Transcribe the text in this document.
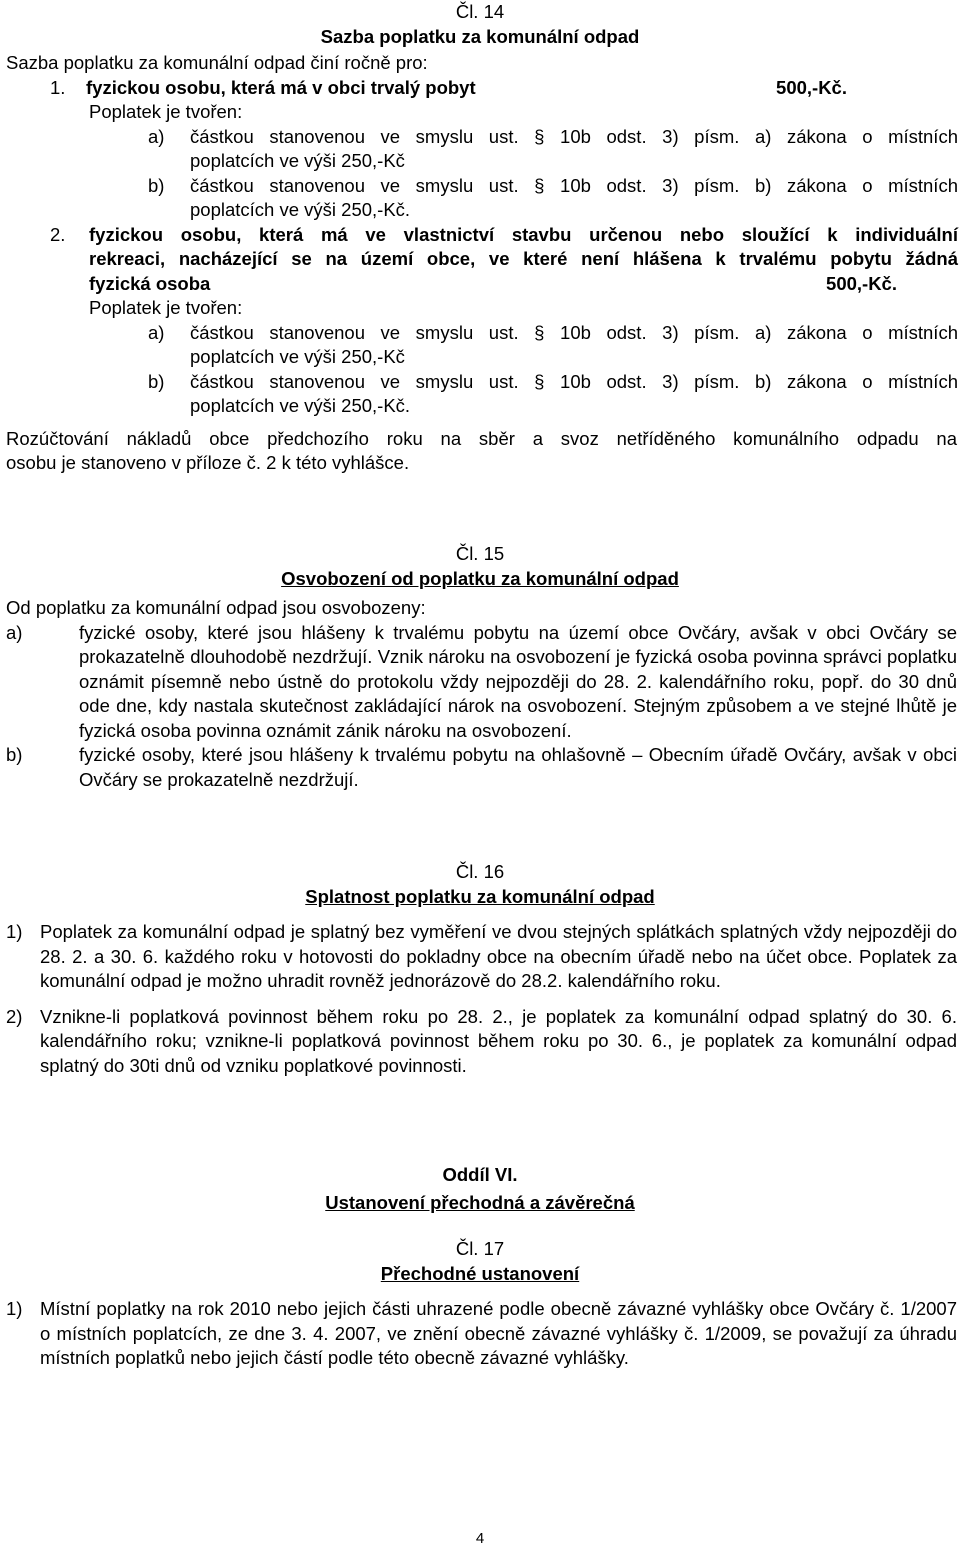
Čl. 14

Sazba poplatku za komunální odpad

Sazba poplatku za komunální odpad činí ročně pro:

1. fyzickou osobu, která má v obci trvalý pobyt	500,-Kč.

Poplatek je tvořen:

a)	částkou stanovenou ve smyslu ust. § 10b odst. 3) písm. a) zákona o místních

poplatcích ve výši 250,-Kč

b)	částkou stanovenou ve smyslu ust. § 10b odst. 3) písm. b) zákona o místních

poplatcích ve výši 250,-Kč.

2.	fyzickou osobu, která má ve vlastnictví stavbu určenou nebo sloužící k individuální

rekreaci, nacházející se na území obce, ve které není hlášena k trvalému pobytu žádná

fyzická osoba	500,-Kč.

Poplatek je tvořen:

a)	částkou stanovenou ve smyslu ust. § 10b odst. 3) písm. a) zákona o místních

poplatcích ve výši 250,-Kč

b)	částkou stanovenou ve smyslu ust. § 10b odst. 3) písm. b) zákona o místních

poplatcích ve výši 250,-Kč.

Rozúčtování nákladů obce předchozího roku na sběr a svoz netříděného komunálního odpadu na

osobu je stanoveno v příloze č. 2 k této vyhlášce.

Čl. 15

Osvobození od poplatku za komunální odpad

Od poplatku za komunální odpad jsou osvobozeny:

a)	fyzické osoby, které jsou hlášeny k trvalému pobytu na území obce Ovčáry, avšak v obci Ovčáry se prokazatelně dlouhodobě nezdržují. Vznik nároku na osvobození je fyzická osoba povinna správci poplatku oznámit písemně nebo ústně do protokolu vždy nejpozději do 28. 2. kalendářního roku, popř. do 30 dnů ode dne, kdy nastala skutečnost zakládající nárok na osvobození. Stejným způsobem a ve stejné lhůtě je fyzická osoba povinna oznámit zánik nároku na osvobození.
b)	fyzické osoby, které jsou hlášeny k trvalému pobytu na ohlašovně – Obecním úřadě Ovčáry, avšak v obci Ovčáry se prokazatelně nezdržují.

Čl. 16

Splatnost poplatku za komunální odpad

1) Poplatek za komunální odpad je splatný bez vyměření ve dvou stejných splátkách splatných vždy nejpozději do 28. 2. a 30. 6. každého roku v hotovosti do pokladny obce na obecním úřadě nebo na účet obce. Poplatek za komunální odpad je možno uhradit rovněž jednorázově do 28.2. kalendářního roku.
2) Vznikne-li poplatková povinnost během roku po 28. 2., je poplatek za komunální odpad splatný do 30. 6. kalendářního roku; vznikne-li poplatková povinnost během roku po 30. 6., je poplatek za komunální odpad splatný do 30ti dnů od vzniku poplatkové povinnosti.

Oddíl VI.

Ustanovení přechodná a závěrečná

Čl. 17

Přechodné ustanovení

1) Místní poplatky na rok 2010 nebo jejich části uhrazené podle obecně závazné vyhlášky obce Ovčáry č. 1/2007 o místních poplatcích, ze dne 3. 4. 2007, ve znění obecně závazné vyhlášky č. 1/2009, se považují za úhradu místních poplatků nebo jejich částí podle této obecně závazné vyhlášky.

4
